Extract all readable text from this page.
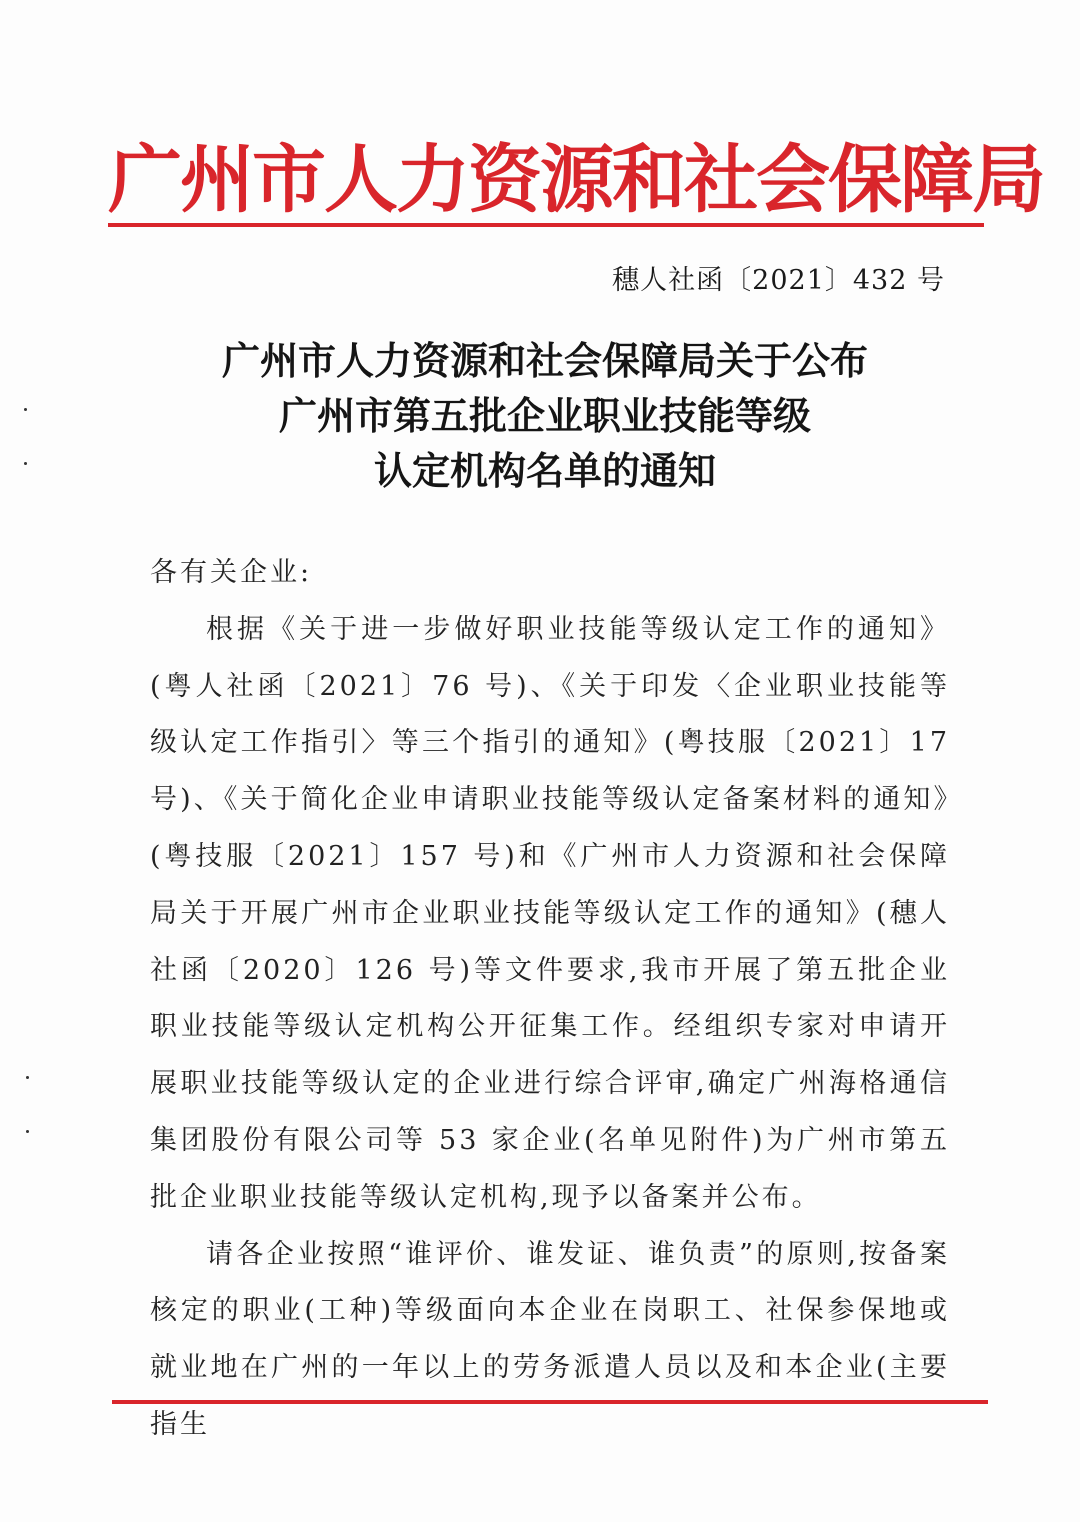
广州市人力资源和社会保障局
穗人社函〔2021〕432 号
广州市人力资源和社会保障局关于公布
广州市第五批企业职业技能等级
认定机构名单的通知

各有关企业:

根据《关于进一步做好职业技能等级认定工作的通知》(粤人社函〔2021〕76 号)、《关于印发〈企业职业技能等级认定工作指引〉等三个指引的通知》(粤技服〔2021〕17 号)、《关于简化企业申请职业技能等级认定备案材料的通知》(粤技服〔2021〕157 号)和《广州市人力资源和社会保障局关于开展广州市企业职业技能等级认定工作的通知》(穗人社函〔2020〕126 号)等文件要求,我市开展了第五批企业职业技能等级认定机构公开征集工作。经组织专家对申请开展职业技能等级认定的企业进行综合评审,确定广州海格通信集团股份有限公司等 53 家企业(名单见附件)为广州市第五批企业职业技能等级认定机构,现予以备案并公布。

请各企业按照“谁评价、谁发证、谁负责”的原则,按备案核定的职业(工种)等级面向本企业在岗职工、社保参保地或就业地在广州的一年以上的劳务派遣人员以及和本企业(主要指生
